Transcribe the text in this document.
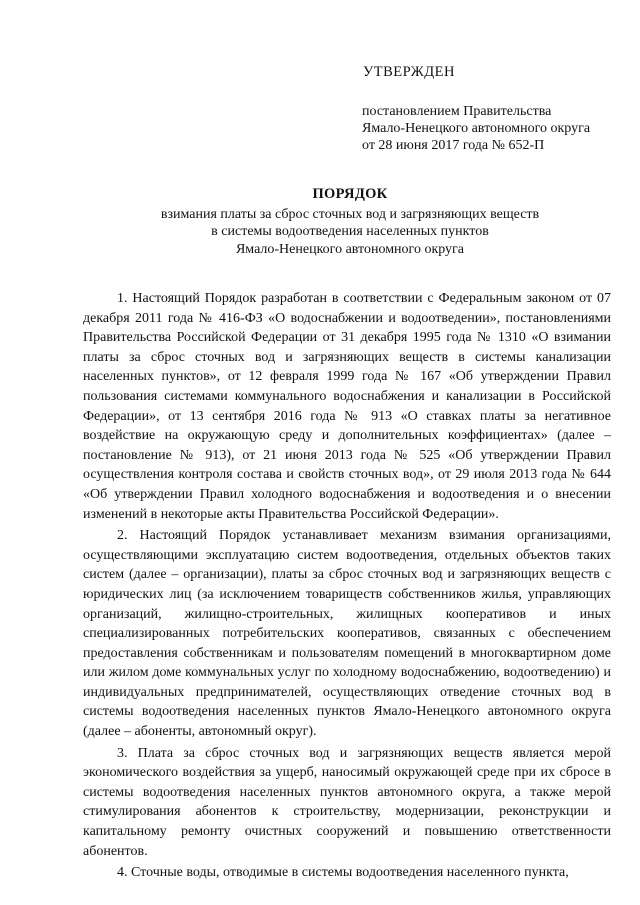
УТВЕРЖДЕН
постановлением Правительства
Ямало-Ненецкого автономного округа
от 28 июня 2017 года № 652-П
ПОРЯДОК
взимания платы за сброс сточных вод и загрязняющих веществ
в системы водоотведения населенных пунктов
Ямало-Ненецкого автономного округа

1. Настоящий Порядок разработан в соответствии с Федеральным законом от 07 декабря 2011 года № 416-ФЗ «О водоснабжении и водоотведении», постановлениями Правительства Российской Федерации от 31 декабря 1995 года № 1310 «О взимании платы за сброс сточных вод и загрязняющих веществ в системы канализации населенных пунктов», от 12 февраля 1999 года № 167 «Об утверждении Правил пользования системами коммунального водоснабжения и канализации в Российской Федерации», от 13 сентября 2016 года № 913 «О ставках платы за негативное воздействие на окружающую среду и дополнительных коэффициентах» (далее – постановление № 913), от 21 июня 2013 года № 525 «Об утверждении Правил осуществления контроля состава и свойств сточных вод», от 29 июля 2013 года № 644 «Об утверждении Правил холодного водоснабжения и водоотведения и о внесении изменений в некоторые акты Правительства Российской Федерации».

2. Настоящий Порядок устанавливает механизм взимания организациями, осуществляющими эксплуатацию систем водоотведения, отдельных объектов таких систем (далее – организации), платы за сброс сточных вод и загрязняющих веществ с юридических лиц (за исключением товариществ собственников жилья, управляющих организаций, жилищно-строительных, жилищных кооперативов и иных специализированных потребительских кооперативов, связанных с обеспечением предоставления собственникам и пользователям помещений в многоквартирном доме или жилом доме коммунальных услуг по холодному водоснабжению, водоотведению) и индивидуальных предпринимателей, осуществляющих отведение сточных вод в системы водоотведения населенных пунктов Ямало-Ненецкого автономного округа (далее – абоненты, автономный округ).

3. Плата за сброс сточных вод и загрязняющих веществ является мерой экономического воздействия за ущерб, наносимый окружающей среде при их сбросе в системы водоотведения населенных пунктов автономного округа, а также мерой стимулирования абонентов к строительству, модернизации, реконструкции и капитальному ремонту очистных сооружений и повышению ответственности абонентов.

4. Сточные воды, отводимые в системы водоотведения населенного пункта,
